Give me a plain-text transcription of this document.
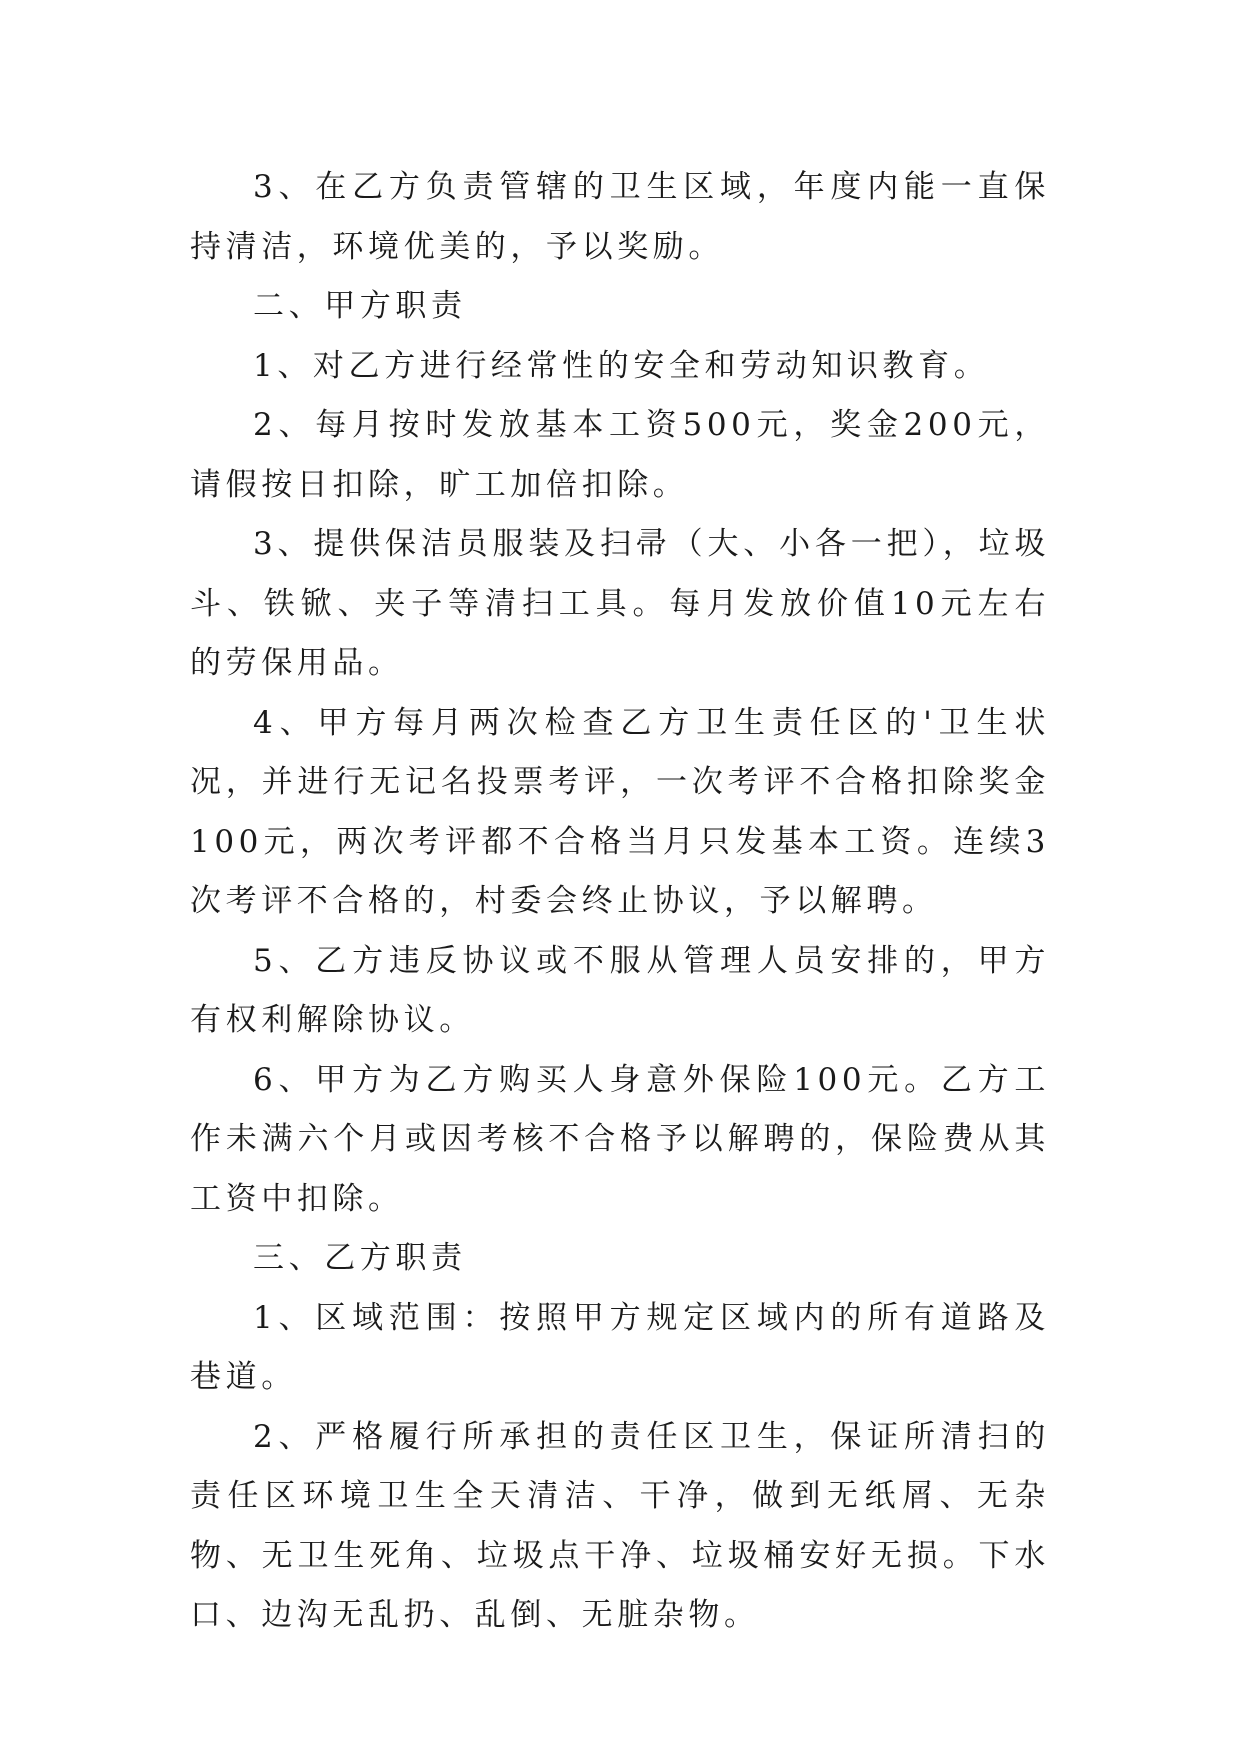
3、在乙方负责管辖的卫生区域，年度内能一直保持清洁，环境优美的，予以奖励。

二、甲方职责

1、对乙方进行经常性的安全和劳动知识教育。

2、每月按时发放基本工资500元，奖金200元，请假按日扣除，旷工加倍扣除。

3、提供保洁员服装及扫帚（大、小各一把），垃圾斗、铁锨、夹子等清扫工具。每月发放价值10元左右的劳保用品。

4、甲方每月两次检查乙方卫生责任区的'卫生状况，并进行无记名投票考评，一次考评不合格扣除奖金100元，两次考评都不合格当月只发基本工资。连续3次考评不合格的，村委会终止协议，予以解聘。

5、乙方违反协议或不服从管理人员安排的，甲方有权利解除协议。

6、甲方为乙方购买人身意外保险100元。乙方工作未满六个月或因考核不合格予以解聘的，保险费从其工资中扣除。

三、乙方职责

1、区域范围：按照甲方规定区域内的所有道路及巷道。

2、严格履行所承担的责任区卫生，保证所清扫的责任区环境卫生全天清洁、干净，做到无纸屑、无杂物、无卫生死角、垃圾点干净、垃圾桶安好无损。下水口、边沟无乱扔、乱倒、无脏杂物。
